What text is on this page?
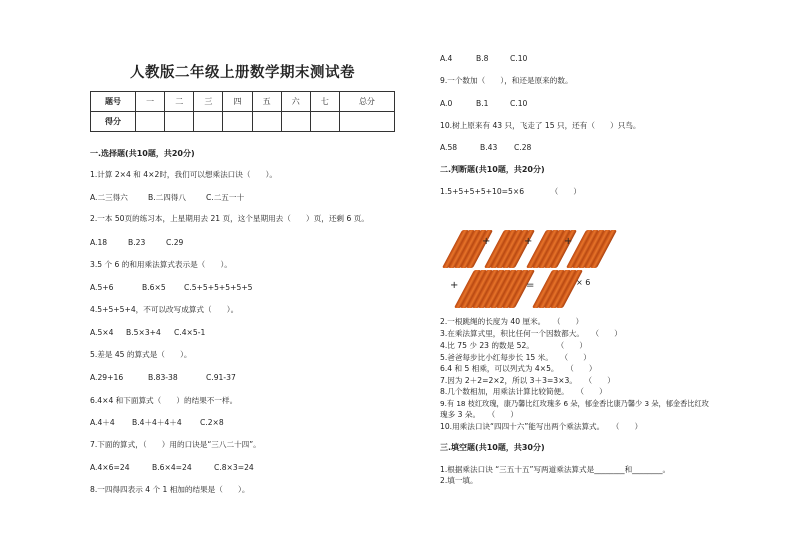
人教版二年级上册数学期末测试卷
题号	一	二	三	四	五	六	七	总分
得分								
一.选择题(共10题，共20分)
1.计算 2×4 和 4×2时，我们可以想乘法口诀（　　）。
A.二三得六	B.二四得八	C.二五一十
2.一本 50页的练习本，上星期用去 21 页，这个星期用去（　　）页，还剩 6 页。
A.18	B.23	C.29
3.5 个 6 的和用乘法算式表示是（　　）。
A.5+6	B.6×5 C.5+5+5+5+5+5
4.5+5+5+4，不可以改写成算式（　　）。
A.5×4 B.5×3+4 C.4×5-1
5.差是 45 的算式是（　　）。
A.29+16	B.83-38	C.91-37
6.4×4 和下面算式（　　）的结果不一样。
A.4＋4 B.4＋4＋4＋4 C.2×8
7.下面的算式，（　　）用的口诀是“三八二十四”。
A.4×6=24	B.6×4=24	C.8×3=24
8.一四得四表示 4 个 1 相加的结果是（　　）。
A.4	B.8	C.10
9.一个数加（　　），和还是原来的数。
A.0	B.1	C.10
10.树上原来有 43 只，飞走了 15 只，还有（　　）只鸟。
A.58	B.43 C.28
二.判断题(共10题，共20分)
1.5+5+5+5+10=5×6　　　　（　　）
+	+	+
+	=	× 6
2.一根跳绳的长度为 40 厘米。　　（　　）
3.在乘法算式里，积比任何一个因数都大。　　（　　）
4.比 75 少 23 的数是 52。　　　　（　　）
5.爸爸每步比小红每步长 15 米。　　（　　）
6.4 和 5 相乘，可以列式为 4×5。　　（　　）
7.因为 2＋2=2×2，所以 3＋3=3×3。　　（　　）
8.几个数相加，用乘法计算比较简便。　　（　　）
9.有 18 枝红玫瑰，康乃馨比红玫瑰多 6 朵，郁金香比康乃馨少 3 朵，郁金香比红玫
瑰多 3 朵。　　（　　）
10.用乘法口诀“四四十六”能写出两个乘法算式。　　（　　）
三.填空题(共10题，共30分)
1.根据乘法口诀 “三五十五”写两道乘法算式是________和________。
2.填一填。
